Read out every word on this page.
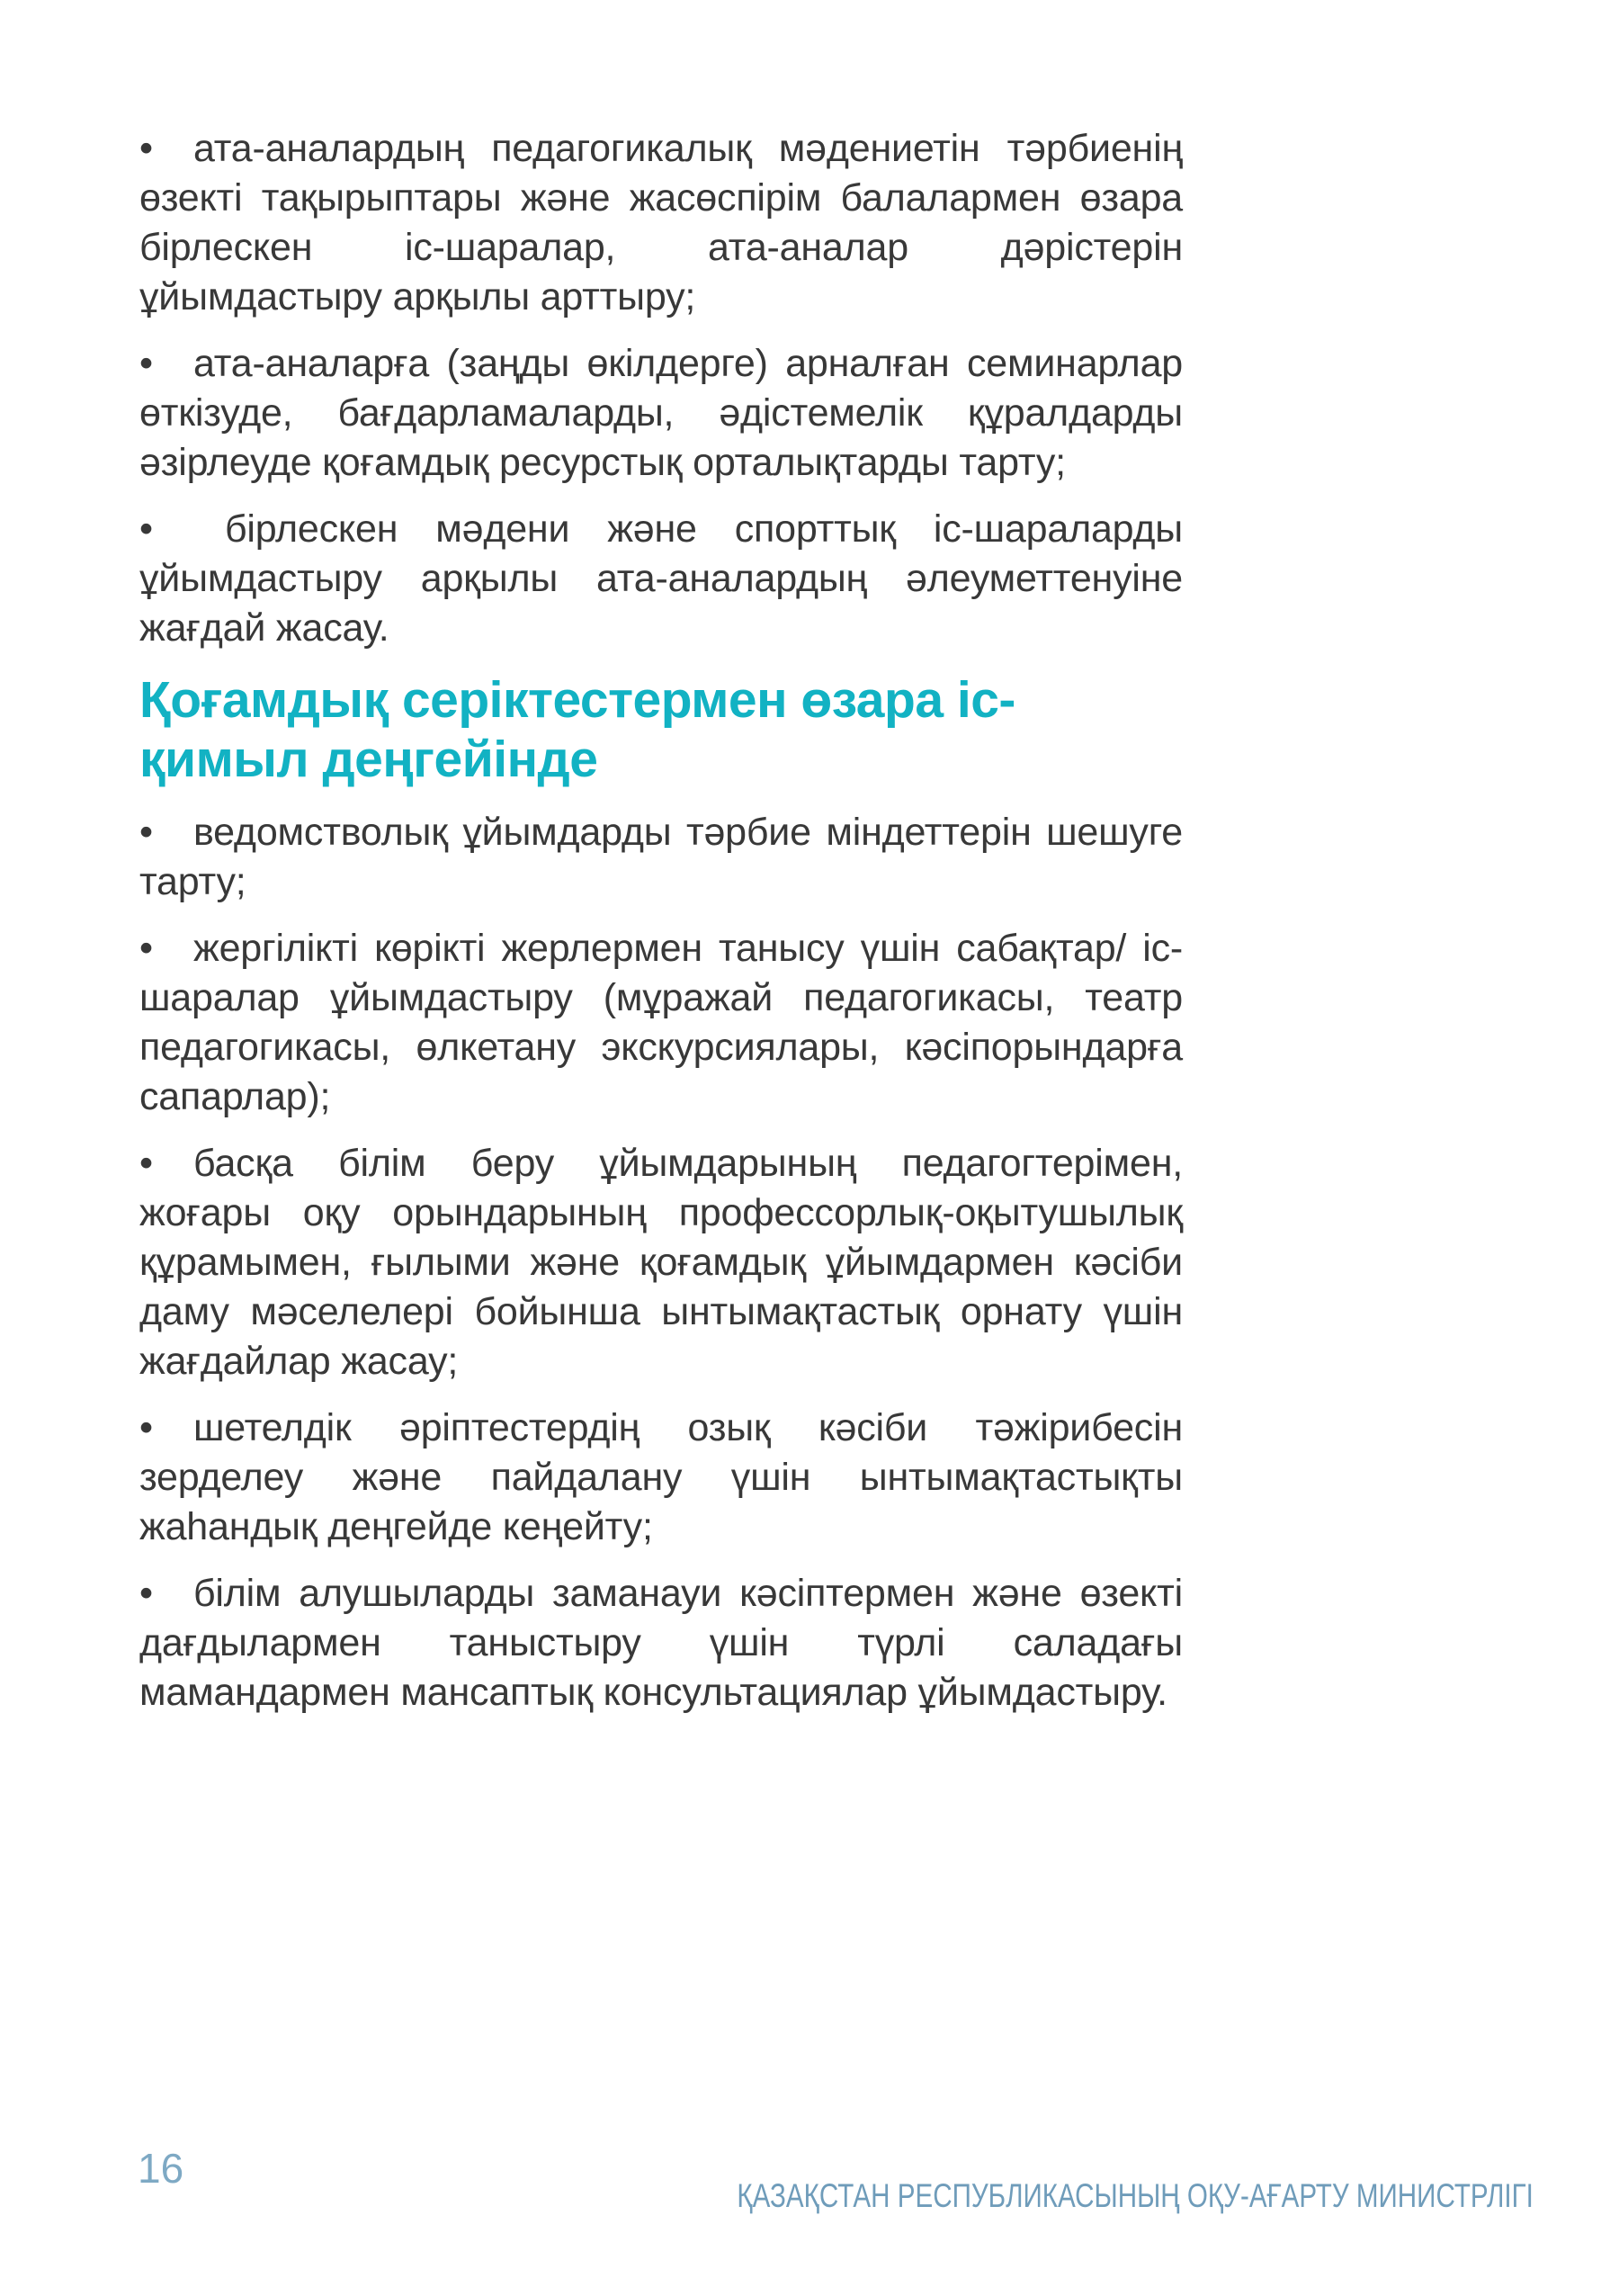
• ата-аналардың педагогикалық мәдениетін тәрбиенің өзекті тақырыптары және жасөспірім балалармен өзара бірлескен іс-шаралар, ата-аналар дәрістерін ұйымдастыру арқылы арттыру;

• ата-аналарға (заңды өкілдерге) арналған семинарлар өткізуде, бағдарламаларды, әдістемелік құралдарды әзірлеуде қоғамдық ресурстық орталықтарды тарту;

• бірлескен мәдени және спорттық іс-шараларды ұйымдастыру арқылы ата-аналардың әлеуметтенуіне жағдай жасау.

Қоғамдық серіктестермен өзара іс-қимыл деңгейінде

• ведомстволық ұйымдарды тәрбие міндеттерін шешуге тарту;

• жергілікті көрікті жерлермен танысу үшін сабақтар/ іс-шаралар ұйымдастыру (мұражай педагогикасы, театр педагогикасы, өлкетану экскурсиялары, кәсіпорындарға сапарлар);

• басқа білім беру ұйымдарының педагогтерімен, жоғары оқу орындарының профессорлық-оқытушылық құрамымен, ғылыми және қоғамдық ұйымдармен кәсіби даму мәселелері бойынша ынтымақтастық орнату үшін жағдайлар жасау;

• шетелдік әріптестердің озық кәсіби тәжірибесін зерделеу және пайдалану үшін ынтымақтастықты жаһандық деңгейде кеңейту;

• білім алушыларды заманауи кәсіптермен және өзекті дағдылармен таныстыру үшін түрлі саладағы мамандармен мансаптық консультациялар ұйымдастыру.

16
ҚАЗАҚСТАН РЕСПУБЛИКАСЫНЫҢ ОҚУ-АҒАРТУ МИНИСТРЛІГІ
